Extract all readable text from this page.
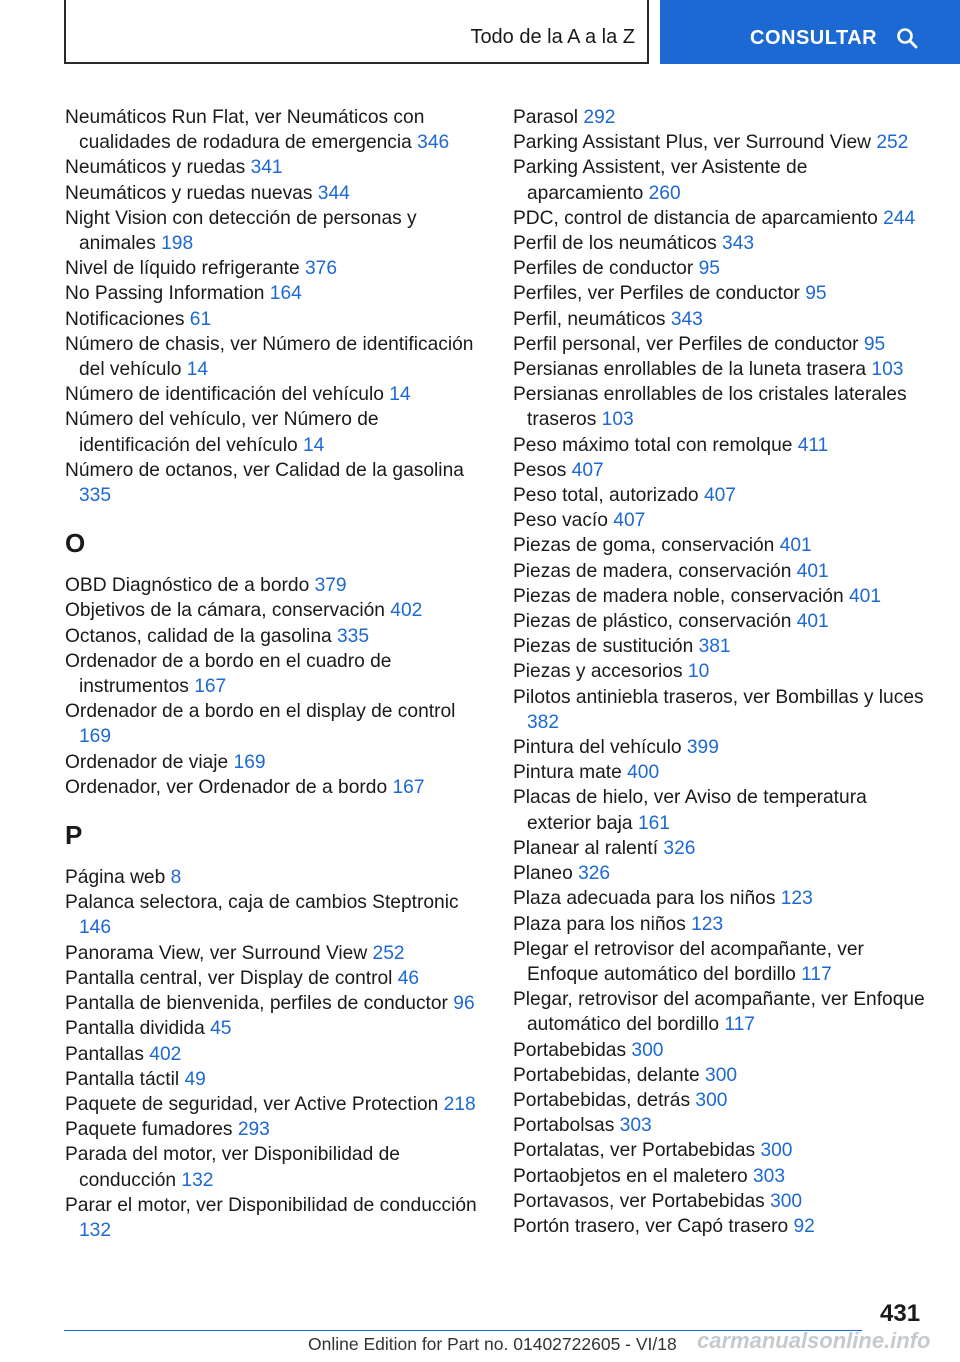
Todo de la A a la Z	CONSULTAR
Neumáticos Run Flat, ver Neumáticos con cualidades de rodadura de emergencia 346
Neumáticos y ruedas 341
Neumáticos y ruedas nuevas 344
Night Vision con detección de personas y animales 198
Nivel de líquido refrigerante 376
No Passing Information 164
Notificaciones 61
Número de chasis, ver Número de identificación del vehículo 14
Número de identificación del vehículo 14
Número del vehículo, ver Número de identificación del vehículo 14
Número de octanos, ver Calidad de la gasolina 335
O
OBD Diagnóstico de a bordo 379
Objetivos de la cámara, conservación 402
Octanos, calidad de la gasolina 335
Ordenador de a bordo en el cuadro de instrumentos 167
Ordenador de a bordo en el display de control 169
Ordenador de viaje 169
Ordenador, ver Ordenador de a bordo 167
P
Página web 8
Palanca selectora, caja de cambios Steptronic 146
Panorama View, ver Surround View 252
Pantalla central, ver Display de control 46
Pantalla de bienvenida, perfiles de conductor 96
Pantalla dividida 45
Pantallas 402
Pantalla táctil 49
Paquete de seguridad, ver Active Protection 218
Paquete fumadores 293
Parada del motor, ver Disponibilidad de conducción 132
Parar el motor, ver Disponibilidad de conducción 132
Parasol 292
Parking Assistant Plus, ver Surround View 252
Parking Assistent, ver Asistente de aparcamiento 260
PDC, control de distancia de aparcamiento 244
Perfil de los neumáticos 343
Perfiles de conductor 95
Perfiles, ver Perfiles de conductor 95
Perfil, neumáticos 343
Perfil personal, ver Perfiles de conductor 95
Persianas enrollables de la luneta trasera 103
Persianas enrollables de los cristales laterales traseros 103
Peso máximo total con remolque 411
Pesos 407
Peso total, autorizado 407
Peso vacío 407
Piezas de goma, conservación 401
Piezas de madera, conservación 401
Piezas de madera noble, conservación 401
Piezas de plástico, conservación 401
Piezas de sustitución 381
Piezas y accesorios 10
Pilotos antiniebla traseros, ver Bombillas y luces 382
Pintura del vehículo 399
Pintura mate 400
Placas de hielo, ver Aviso de temperatura exterior baja 161
Planear al ralentí 326
Planeo 326
Plaza adecuada para los niños 123
Plaza para los niños 123
Plegar el retrovisor del acompañante, ver Enfoque automático del bordillo 117
Plegar, retrovisor del acompañante, ver Enfoque automático del bordillo 117
Portabebidas 300
Portabebidas, delante 300
Portabebidas, detrás 300
Portabolsas 303
Portalatas, ver Portabebidas 300
Portaobjetos en el maletero 303
Portavasos, ver Portabebidas 300
Portón trasero, ver Capó trasero 92
431
Online Edition for Part no. 01402722605 - VI/18 carmanualsonline.info
